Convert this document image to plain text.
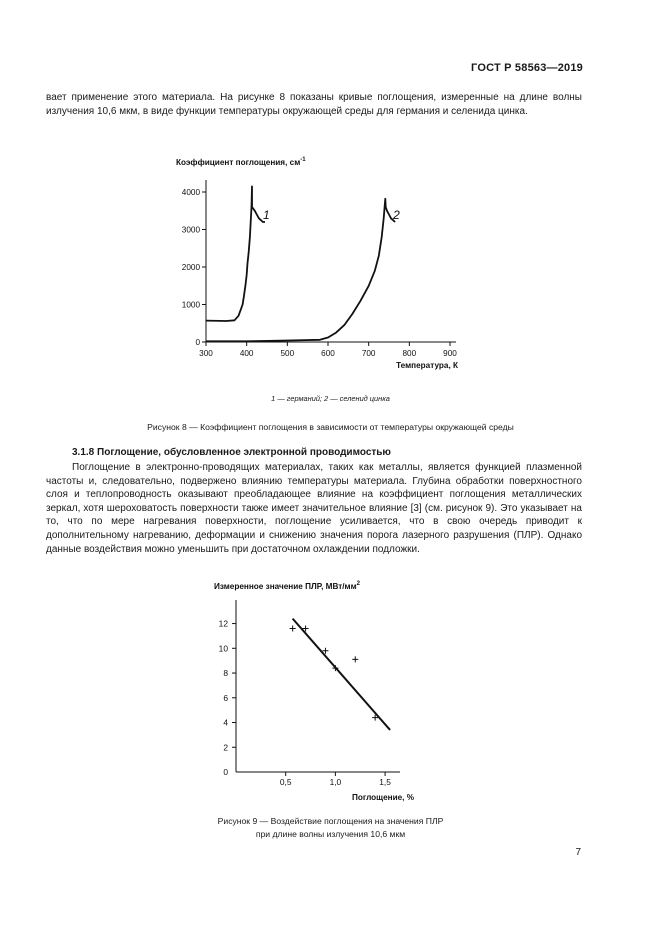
ГОСТ Р 58563—2019

вает применение этого материала. На рисунке 8 показаны кривые поглощения, измеренные на длине волны излучения 10,6 мкм, в виде функции температуры окружающей среды для германия и селенида цинка.

Коэффициент поглощения, $см^{-1}$
0
1000
2000
3000
4000
300	400	500	600	700	800	900
Температура, К
1	2
1 — германий; 2 — селенид цинка
Рисунок 8 — Коэффициент поглощения в зависимости от температуры окружающей среды
3.1.8 Поглощение, обусловленное электронной проводимостью

Поглощение в электронно-проводящих материалах, таких как металлы, является функцией плазменной частоты и, следовательно, подвержено влиянию температуры материала. Глубина обработки поверхностного слоя и теплопроводность оказывают преобладающее влияние на коэффициент поглощения металлических зеркал, хотя шероховатость поверхности также имеет значительное влияние [3] (см. рисунок 9). Это указывает на то, что по мере нагревания поверхности, поглощение усиливается, что в свою очередь приводит к дополнительному нагреванию, деформации и снижению значения порога лазерного разрушения (ПЛР). Однако данные воздействия можно уменьшить при достаточном охлаждении подложки.

Измеренное значение ПЛР, МВт/$мм^2$
2
4
6
8
10
12
0
0,5	1,0	1,5
Поглощение, %
Рисунок 9 — Воздействие поглощения на значения ПЛР
при длине волны излучения 10,6 мкм
7
